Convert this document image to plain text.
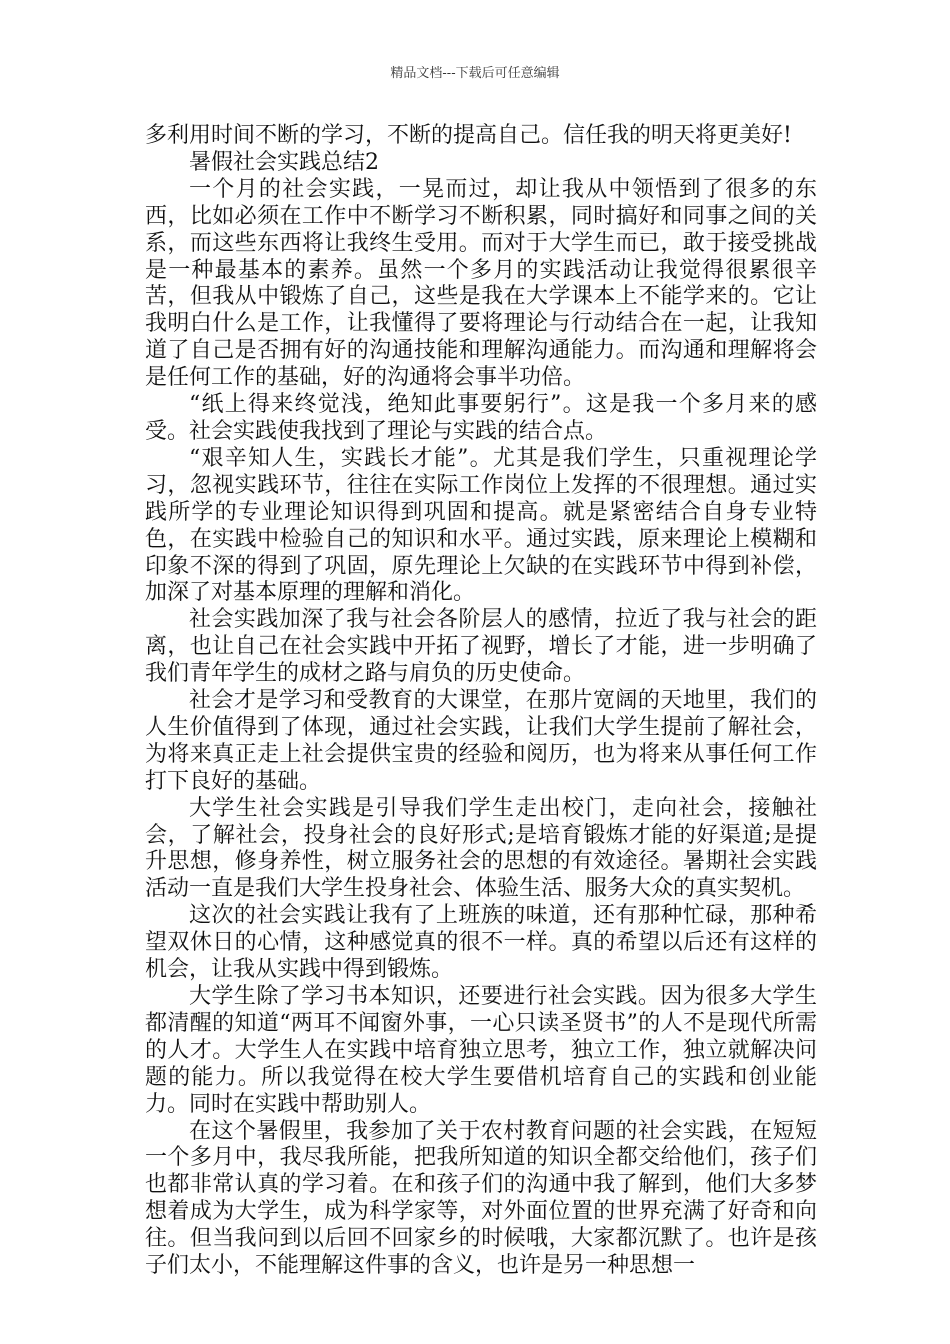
精品文档---下载后可任意编辑

多利用时间不断的学习，不断的提高自己。信任我的明天将更美好!

暑假社会实践总结2

一个月的社会实践，一晃而过，却让我从中领悟到了很多的东西，比如必须在工作中不断学习不断积累，同时搞好和同事之间的关系，而这些东西将让我终生受用。而对于大学生而已，敢于接受挑战是一种最基本的素养。虽然一个多月的实践活动让我觉得很累很辛苦，但我从中锻炼了自己，这些是我在大学课本上不能学来的。它让我明白什么是工作，让我懂得了要将理论与行动结合在一起，让我知道了自己是否拥有好的沟通技能和理解沟通能力。而沟通和理解将会是任何工作的基础，好的沟通将会事半功倍。

“纸上得来终觉浅，绝知此事要躬行”。这是我一个多月来的感受。社会实践使我找到了理论与实践的结合点。

“艰辛知人生，实践长才能”。尤其是我们学生，只重视理论学习，忽视实践环节，往往在实际工作岗位上发挥的不很理想。通过实践所学的专业理论知识得到巩固和提高。就是紧密结合自身专业特色，在实践中检验自己的知识和水平。通过实践，原来理论上模糊和印象不深的得到了巩固，原先理论上欠缺的在实践环节中得到补偿，加深了对基本原理的理解和消化。

社会实践加深了我与社会各阶层人的感情，拉近了我与社会的距离，也让自己在社会实践中开拓了视野，增长了才能，进一步明确了我们青年学生的成材之路与肩负的历史使命。

社会才是学习和受教育的大课堂，在那片宽阔的天地里，我们的人生价值得到了体现，通过社会实践，让我们大学生提前了解社会，为将来真正走上社会提供宝贵的经验和阅历，也为将来从事任何工作打下良好的基础。

大学生社会实践是引导我们学生走出校门，走向社会，接触社会，了解社会，投身社会的良好形式;是培育锻炼才能的好渠道;是提升思想，修身养性，树立服务社会的思想的有效途径。暑期社会实践活动一直是我们大学生投身社会、体验生活、服务大众的真实契机。

这次的社会实践让我有了上班族的味道，还有那种忙碌，那种希望双休日的心情，这种感觉真的很不一样。真的希望以后还有这样的机会，让我从实践中得到锻炼。

大学生除了学习书本知识，还要进行社会实践。因为很多大学生都清醒的知道“两耳不闻窗外事，一心只读圣贤书”的人不是现代所需的人才。大学生人在实践中培育独立思考，独立工作，独立就解决问题的能力。所以我觉得在校大学生要借机培育自己的实践和创业能力。同时在实践中帮助别人。

在这个暑假里，我参加了关于农村教育问题的社会实践，在短短一个多月中，我尽我所能，把我所知道的知识全都交给他们，孩子们也都非常认真的学习着。在和孩子们的沟通中我了解到，他们大多梦想着成为大学生，成为科学家等，对外面位置的世界充满了好奇和向往。但当我问到以后回不回家乡的时候哦，大家都沉默了。也许是孩子们太小，不能理解这件事的含义，也许是另一种思想一
